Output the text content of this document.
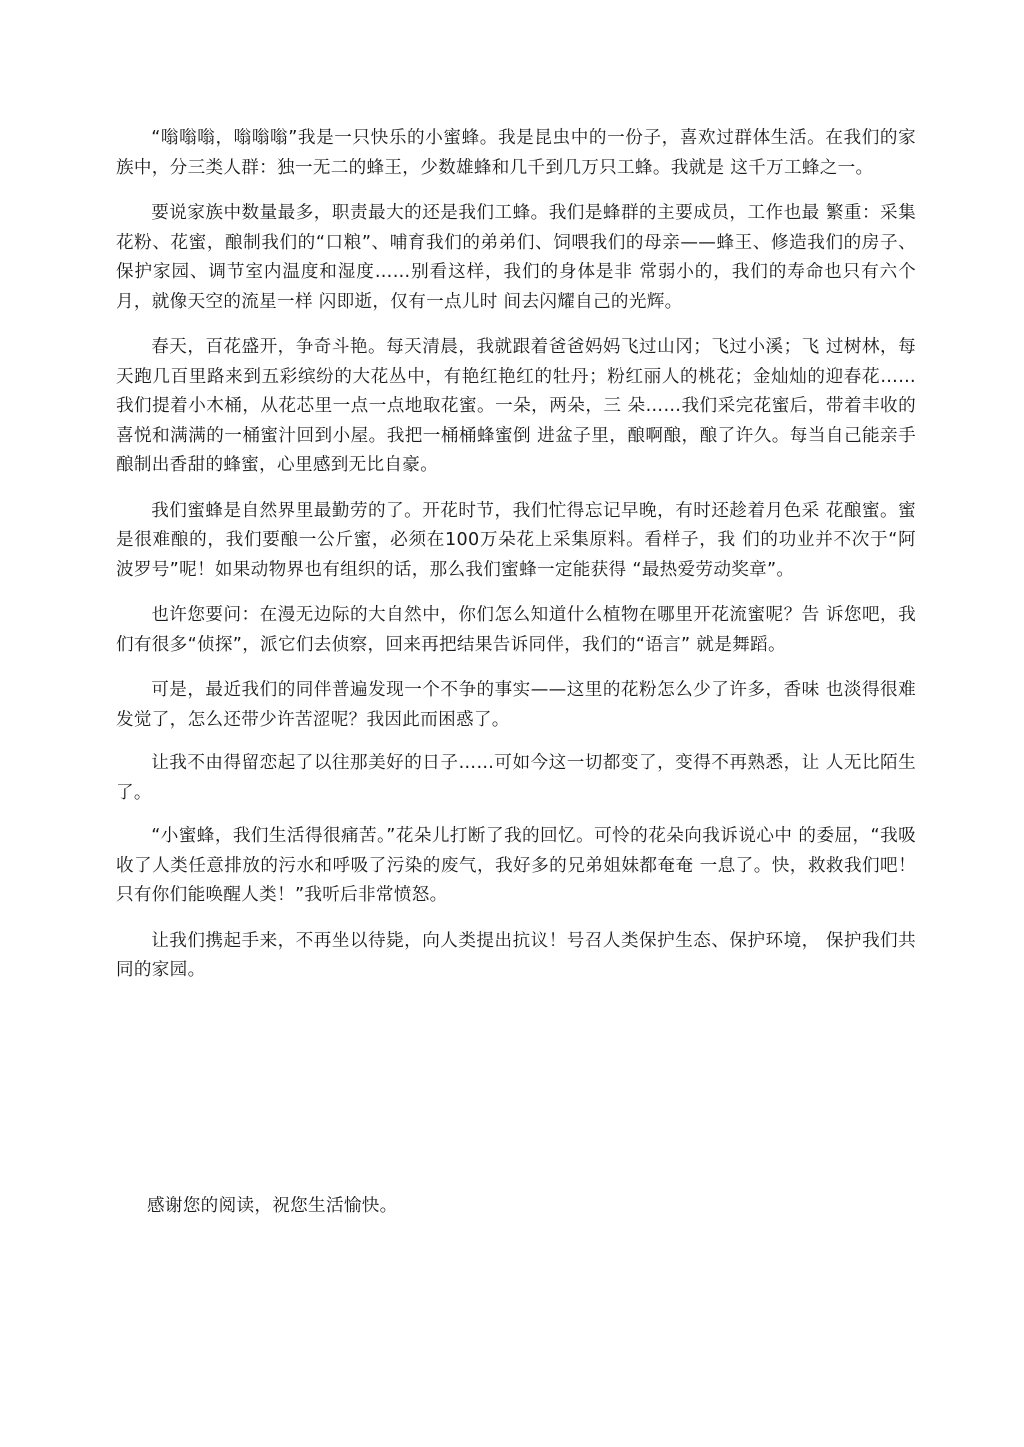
“嗡嗡嗡，嗡嗡嗡”我是一只快乐的小蜜蜂。我是昆虫中的一份子，喜欢过群体生活。在我们的家族中，分三类人群：独一无二的蜂王，少数雄蜂和几千到几万只工蜂。我就是 这千万工蜂之一。

要说家族中数量最多，职责最大的还是我们工蜂。我们是蜂群的主要成员，工作也最 繁重：采集花粉、花蜜，酿制我们的“口粮”、哺育我们的弟弟们、饲喂我们的母亲——蜂王、修造我们的房子、保护家园、调节室内温度和湿度……别看这样，我们的身体是非 常弱小的，我们的寿命也只有六个月，就像天空的流星一样 闪即逝，仅有一点儿时 间去闪耀自己的光辉。

春天，百花盛开，争奇斗艳。每天清晨，我就跟着爸爸妈妈飞过山冈；飞过小溪；飞 过树林，每天跑几百里路来到五彩缤纷的大花丛中，有艳红艳红的牡丹；粉红丽人的桃花；金灿灿的迎春花……我们提着小木桶，从花芯里一点一点地取花蜜。一朵，两朵，三 朵……我们采完花蜜后，带着丰收的喜悦和满满的一桶蜜汁回到小屋。我把一桶桶蜂蜜倒 进盆子里，酿啊酿，酿了许久。每当自己能亲手酿制出香甜的蜂蜜，心里感到无比自豪。

我们蜜蜂是自然界里最勤劳的了。开花时节，我们忙得忘记早晚，有时还趁着月色采 花酿蜜。蜜是很难酿的，我们要酿一公斤蜜，必须在100万朵花上采集原料。看样子，我 们的功业并不次于“阿波罗号”呢！如果动物界也有组织的话，那么我们蜜蜂一定能获得 “最热爱劳动奖章”。

也许您要问：在漫无边际的大自然中，你们怎么知道什么植物在哪里开花流蜜呢？告 诉您吧，我们有很多“侦探”，派它们去侦察，回来再把结果告诉同伴，我们的“语言” 就是舞蹈。

可是，最近我们的同伴普遍发现一个不争的事实——这里的花粉怎么少了许多，香味 也淡得很难发觉了，怎么还带少许苦涩呢？我因此而困惑了。

让我不由得留恋起了以往那美好的日子……可如今这一切都变了，变得不再熟悉，让 人无比陌生了。

“小蜜蜂，我们生活得很痛苦。”花朵儿打断了我的回忆。可怜的花朵向我诉说心中 的委屈，“我吸收了人类任意排放的污水和呼吸了污染的废气，我好多的兄弟姐妹都奄奄 一息了。快，救救我们吧！只有你们能唤醒人类！”我听后非常愤怒。

让我们携起手来，不再坐以待毙，向人类提出抗议！号召人类保护生态、保护环境， 保护我们共同的家园。

感谢您的阅读，祝您生活愉快。
